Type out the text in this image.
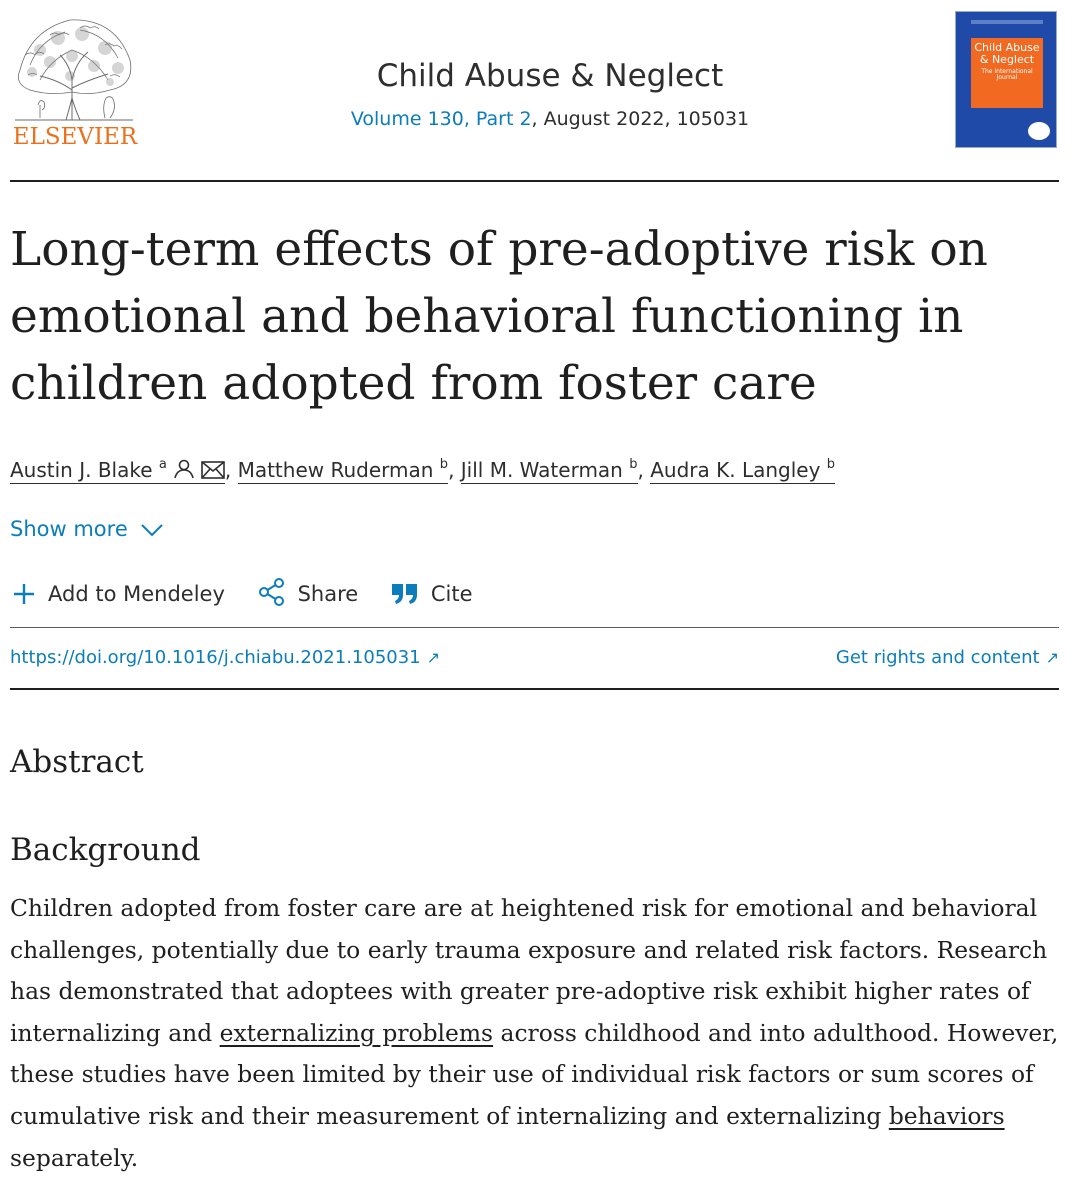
ELSEVIER
Child Abuse & Neglect
Volume 130, Part 2, August 2022, 105031
Child Abuse & Neglect
The International Journal
Long-term effects of pre-adoptive risk on emotional and behavioral functioning in children adopted from foster care
Austin J. Blake $^a$	, Matthew Ruderman $^b$, Jill M. Waterman $^b$, Audra K. Langley $^b$
Show more
Add to Mendeley	Share	Cite
https://doi.org/10.1016/j.chiabu.2021.105031 ↗	Get rights and content ↗
Abstract
Background

Children adopted from foster care are at heightened risk for emotional and behavioral challenges, potentially due to early trauma exposure and related risk factors. Research has demonstrated that adoptees with greater pre-adoptive risk exhibit higher rates of internalizing and externalizing problems across childhood and into adulthood. However, these studies have been limited by their use of individual risk factors or sum scores of cumulative risk and their measurement of internalizing and externalizing behaviors separately.
